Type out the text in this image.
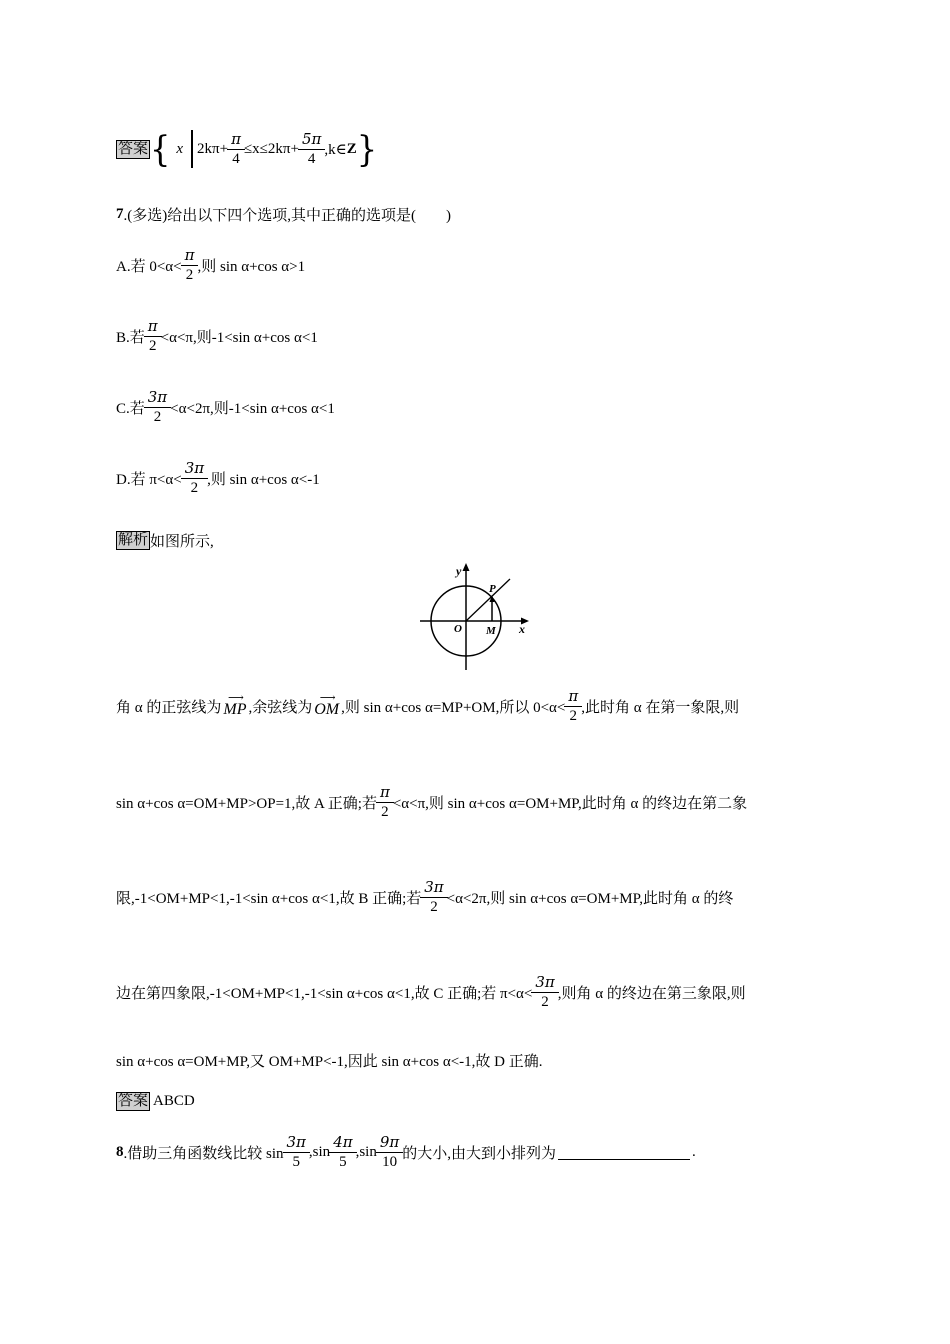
答案 { x $2k\pi+ \frac{\pi}{4} \le x\le 2k\pi+ \frac{5\pi}{4}$ ,k∈ Z }
7 .(多选)给出以下四个选项,其中正确的选项是(　　)
A.若 $0<\alpha< \frac{\pi}{2}$ ,则 sin α+cos α>1
B.若 $\frac{\pi}{2} <\alpha<\pi$,则-1<sin α+cos α<1
C.若 $\frac{3\pi}{2} <\alpha<2\pi$,则-1<sin α+cos α<1
D.若 $\pi<\alpha< \frac{3\pi}{2}$ ,则 sin α+cos α<-1
解析 如图所示,
y
P
O M x
角 α 的正弦线为
⟶
MP ,余弦线为
⟶
OM ,则 sin α+cos α=MP+OM,所以 $0<\alpha< \frac{\pi}{2}$ ,此时角 α 在第一象限,则
sin α+cos α=OM+MP>OP=1,故 A 正确;若 $\frac{\pi}{2} <\alpha<\pi$,则 sin α+cos α=OM+MP,此时角 α 的终边在第二象
限,-1<OM+MP<1,-1<sin α+cos α<1,故 B 正确;若 $\frac{3\pi}{2} <\alpha<2\pi$,则 sin α+cos α=OM+MP,此时角 α 的终
边在第四象限,-1<OM+MP<1,-1<sin α+cos α<1,故 C 正确;若 $\pi<\alpha< \frac{3\pi}{2}$ ,则角 α 的终边在第三象限,则
sin α+cos α=OM+MP,又 OM+MP<-1,因此 sin α+cos α<-1,故 D 正确.
答案 ABCD
8 .借助三角函数线比较 $\sin \frac{3\pi}{5} ,\sin \frac{4\pi}{5} ,\sin \frac{9\pi}{10}$ 的大小,由大到小排列为	.
